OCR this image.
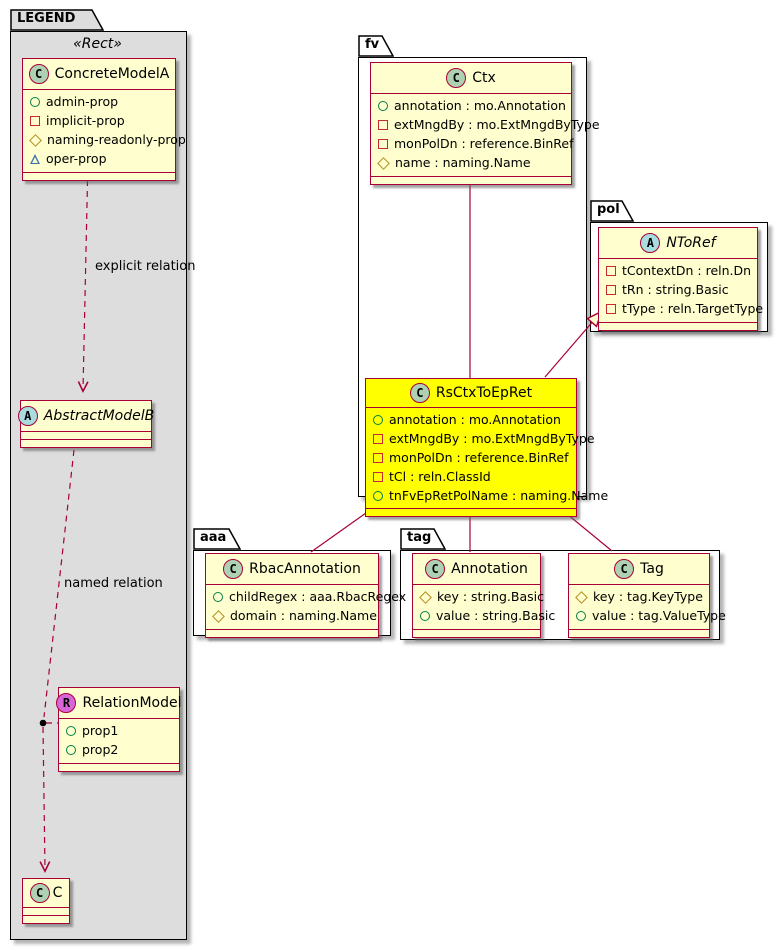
LEGEND
«Rect»	fv
pol
aaa	tag
explicit relation
named relation
C ConcreteModelA
admin-prop
implicit-prop
naming-readonly-prop
oper-prop
A AbstractModelB
R RelationModel
prop1
prop2
C C
C Ctx
annotation : mo.Annotation
extMngdBy : mo.ExtMngdByType
monPolDn : reference.BinRef
name : naming.Name
A NToRef
tContextDn : reln.Dn
tRn : string.Basic
tType : reln.TargetType
C RsCtxToEpRet
annotation : mo.Annotation
extMngdBy : mo.ExtMngdByType
monPolDn : reference.BinRef
tCl : reln.ClassId
tnFvEpRetPolName : naming.Name
C RbacAnnotation
childRegex : aaa.RbacRegex
domain : naming.Name
C Annotation
key : string.Basic
value : string.Basic
C Tag
key : tag.KeyType
value : tag.ValueType
